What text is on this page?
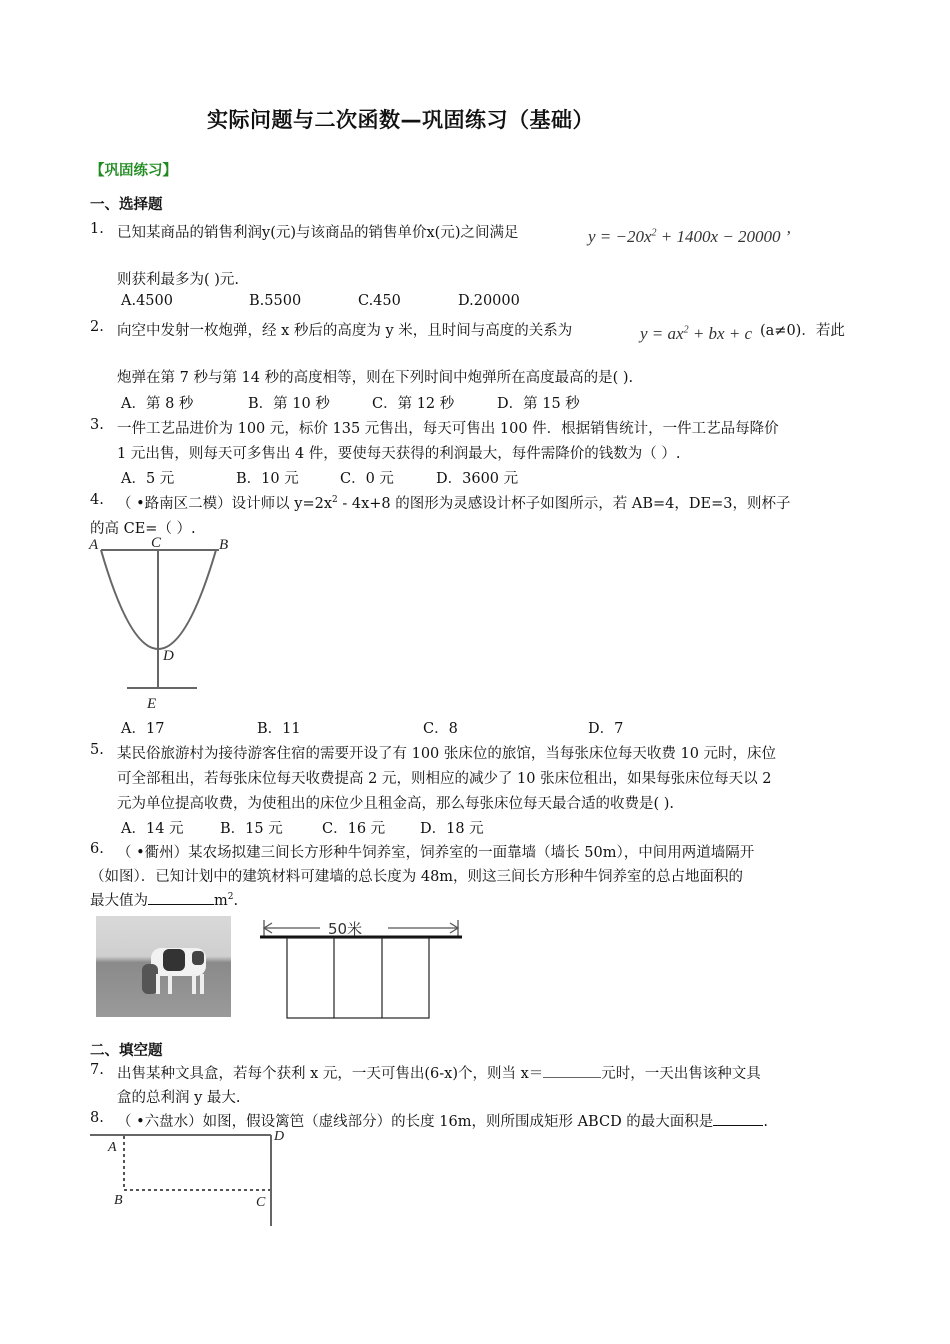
实际问题与二次函数—巩固练习（基础）
【巩固练习】
一、选择题
1. 已知某商品的销售利润y(元)与该商品的销售单价x(元)之间满足	$y = -20x^2 + 1400x - 20000$ ’
则获利最多为( )元.
A.4500	B.5500	C.450	D.20000
2. 向空中发射一枚炮弹，经 x 秒后的高度为 y 米，且时间与高度的关系为	$y = ax^2$ + bx + c (a≠0)．若此
炮弹在第 7 秒与第 14 秒的高度相等，则在下列时间中炮弹所在高度最高的是( ).
A．第 8 秒	B．第 10 秒	C．第 12 秒	D．第 15 秒
3. 一件工艺品进价为 100 元，标价 135 元售出，每天可售出 100 件．根据销售统计，一件工艺品每降价
1 元出售，则每天可多售出 4 件，要使每天获得的利润最大，每件需降价的钱数为（ ）.
A．5 元	B．10 元	C．0 元	D．3600 元
4. （ •路南区二模）设计师以 $y=2x^2 - 4x+8$ 的图形为灵感设计杯子如图所示，若 AB=4，DE=3，则杯子
的高 CE=（ ）.
A	C	B
D
E
A．17	B．11	C．8	D．7
5. 某民俗旅游村为接待游客住宿的需要开设了有 100 张床位的旅馆，当每张床位每天收费 10 元时，床位
可全部租出，若每张床位每天收费提高 2 元，则相应的减少了 10 张床位租出，如果每张床位每天以 2
元为单位提高收费，为使租出的床位少且租金高，那么每张床位每天最合适的收费是( ).
A．14 元	B．15 元	C．16 元 D．18 元
6. （ •衢州）某农场拟建三间长方形种牛饲养室，饲养室的一面靠墙（墙长 50m），中间用两道墙隔开
（如图）．已知计划中的建筑材料可建墙的总长度为 48m，则这三间长方形种牛饲养室的总占地面积的
最大值为	$m^2$.
50米
二、填空题
7. 出售某种文具盒，若每个获利 x 元，一天可售出(6-x)个，则当 x＝	元时，一天出售该种文具
盒的总利润 y 最大.
8. （ •六盘水）如图，假设篱笆（虚线部分）的长度 16m，则所围成矩形 ABCD 的最大面积是	.
A
B	C
D
